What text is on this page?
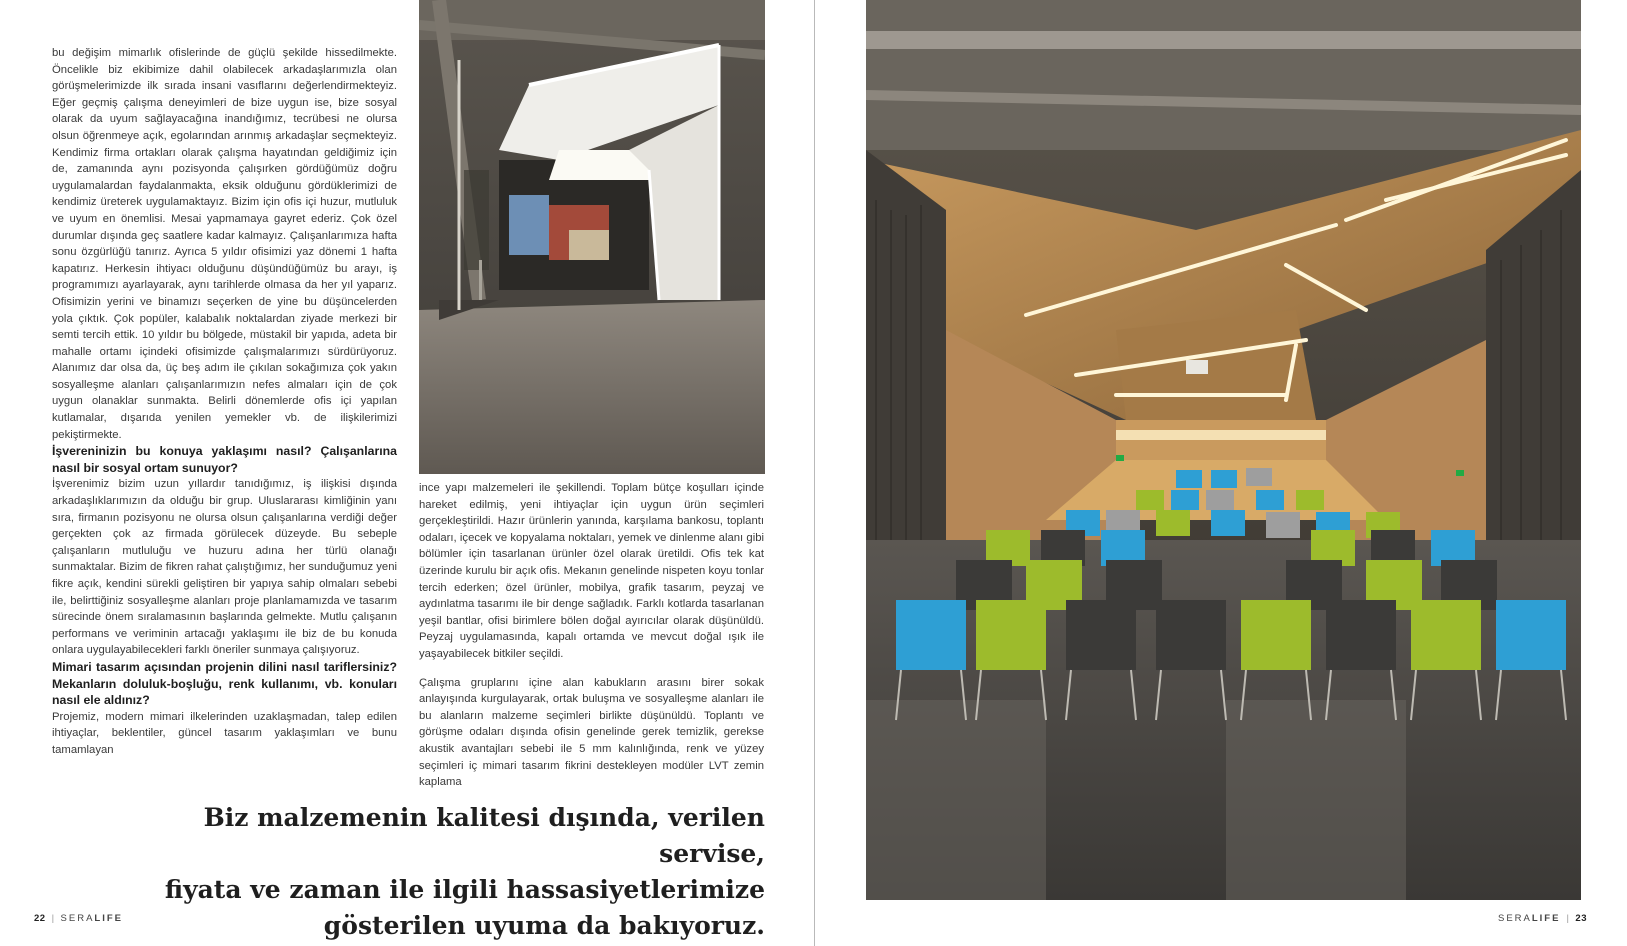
bu değişim mimarlık ofislerinde de güçlü şekilde hissedilmekte. Öncelikle biz ekibimize dahil olabilecek arkadaşlarımızla olan görüşmelerimizde ilk sırada insani vasıflarını değerlendirmekteyiz. Eğer geçmiş çalışma deneyimleri de bize uygun ise, bize sosyal olarak da uyum sağlayacağına inandığımız, tecrübesi ne olursa olsun öğrenmeye açık, egolarından arınmış arkadaşlar seçmekteyiz. Kendimiz firma ortakları olarak çalışma hayatından geldiğimiz için de, zamanında aynı pozisyonda çalışırken gördüğümüz doğru uygulamalardan faydalanmakta, eksik olduğunu gördüklerimizi de kendimiz üreterek uygulamaktayız. Bizim için ofis içi huzur, mutluluk ve uyum en önemlisi. Mesai yapmamaya gayret ederiz. Çok özel durumlar dışında geç saatlere kadar kalmayız. Çalışanlarımıza hafta sonu özgürlüğü tanırız. Ayrıca 5 yıldır ofisimizi yaz dönemi 1 hafta kapatırız. Herkesin ihtiyacı olduğunu düşündüğümüz bu arayı, iş programımızı ayarlayarak, aynı tarihlerde olmasa da her yıl yaparız. Ofisimizin yerini ve binamızı seçerken de yine bu düşüncelerden yola çıktık. Çok popüler, kalabalık noktalardan ziyade merkezi bir semti tercih ettik. 10 yıldır bu bölgede, müstakil bir yapıda, adeta bir mahalle ortamı içindeki ofisimizde çalışmalarımızı sürdürüyoruz. Alanımız dar olsa da, üç beş adım ile çıkılan sokağımıza çok yakın sosyalleşme alanları çalışanlarımızın nefes almaları için de çok uygun olanaklar sunmakta. Belirli dönemlerde ofis içi yapılan kutlamalar, dışarıda yenilen yemekler vb. de ilişkilerimizi pekiştirmekte.

İşvereninizin bu konuya yaklaşımı nasıl? Çalışanlarına nasıl bir sosyal ortam sunuyor?

İşverenimiz bizim uzun yıllardır tanıdığımız, iş ilişkisi dışında arkadaşlıklarımızın da olduğu bir grup. Uluslararası kimliğinin yanı sıra, firmanın pozisyonu ne olursa olsun çalışanlarına verdiği değer gerçekten çok az firmada görülecek düzeyde. Bu sebeple çalışanların mutluluğu ve huzuru adına her türlü olanağı sunmaktalar. Bizim de fikren rahat çalıştığımız, her sunduğumuz yeni fikre açık, kendini sürekli geliştiren bir yapıya sahip olmaları sebebi ile, belirttiğiniz sosyalleşme alanları proje planlamamızda ve tasarım sürecinde önem sıralamasının başlarında gelmekte. Mutlu çalışanın performans ve veriminin artacağı yaklaşımı ile biz de bu konuda onlara uygulayabilecekleri farklı öneriler sunmaya çalışıyoruz.

Mimari tasarım açısından projenin dilini nasıl tariflersiniz? Mekanların doluluk-boşluğu, renk kullanımı, vb. konuları nasıl ele aldınız?

Projemiz, modern mimari ilkelerinden uzaklaşmadan, talep edilen ihtiyaçlar, beklentiler, güncel tasarım yaklaşımları ve bunu tamamlayan

ince yapı malzemeleri ile şekillendi. Toplam bütçe koşulları içinde hareket edilmiş, yeni ihtiyaçlar için uygun ürün seçimleri gerçekleştirildi. Hazır ürünlerin yanında, karşılama bankosu, toplantı odaları, içecek ve kopyalama noktaları, yemek ve dinlenme alanı gibi bölümler için tasarlanan ürünler özel olarak üretildi. Ofis tek kat üzerinde kurulu bir açık ofis. Mekanın genelinde nispeten koyu tonlar tercih ederken; özel ürünler, mobilya, grafik tasarım, peyzaj ve aydınlatma tasarımı ile bir denge sağladık. Farklı kotlarda tasarlanan yeşil bantlar, ofisi birimlere bölen doğal ayırıcılar olarak düşünüldü. Peyzaj uygulamasında, kapalı ortamda ve mevcut doğal ışık ile yaşayabilecek bitkiler seçildi.

Çalışma gruplarını içine alan kabukların arasını birer sokak anlayışında kurgulayarak, ortak buluşma ve sosyalleşme alanları ile bu alanların malzeme seçimleri birlikte düşünüldü. Toplantı ve görüşme odaları dışında ofisin genelinde gerek temizlik, gerekse akustik avantajları sebebi ile 5 mm kalınlığında, renk ve yüzey seçimleri iç mimari tasarım fikrini destekleyen modüler LVT zemin kaplama

Biz malzemenin kalitesi dışında, verilen servise,
fiyata ve zaman ile ilgili hassasiyetlerimize
gösterilen uyuma da bakıyoruz.
22 | SERALIFE	SERALIFE | 23
